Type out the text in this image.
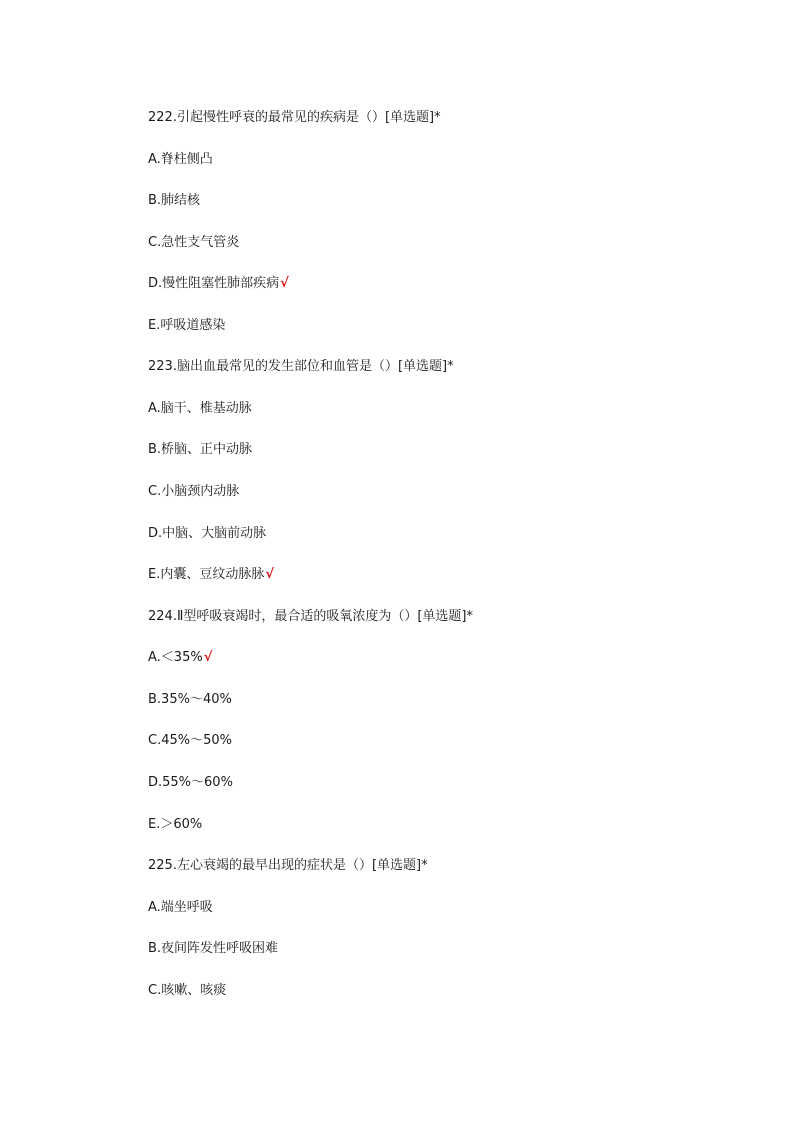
222.引起慢性呼衰的最常见的疾病是（）[单选题]*
A.脊柱侧凸
B.肺结核
C.急性支气管炎
D.慢性阻塞性肺部疾病√
E.呼吸道感染
223.脑出血最常见的发生部位和血管是（）[单选题]*
A.脑干、椎基动脉
B.桥脑、正中动脉
C.小脑颈内动脉
D.中脑、大脑前动脉
E.内囊、豆纹动脉脉√
224.Ⅱ型呼吸衰竭时，最合适的吸氧浓度为（）[单选题]*
A.＜35%√
B.35%～40%
C.45%～50%
D.55%～60%
E.＞60%
225.左心衰竭的最早出现的症状是（）[单选题]*
A.端坐呼吸
B.夜间阵发性呼吸困难
C.咳嗽、咳痰
